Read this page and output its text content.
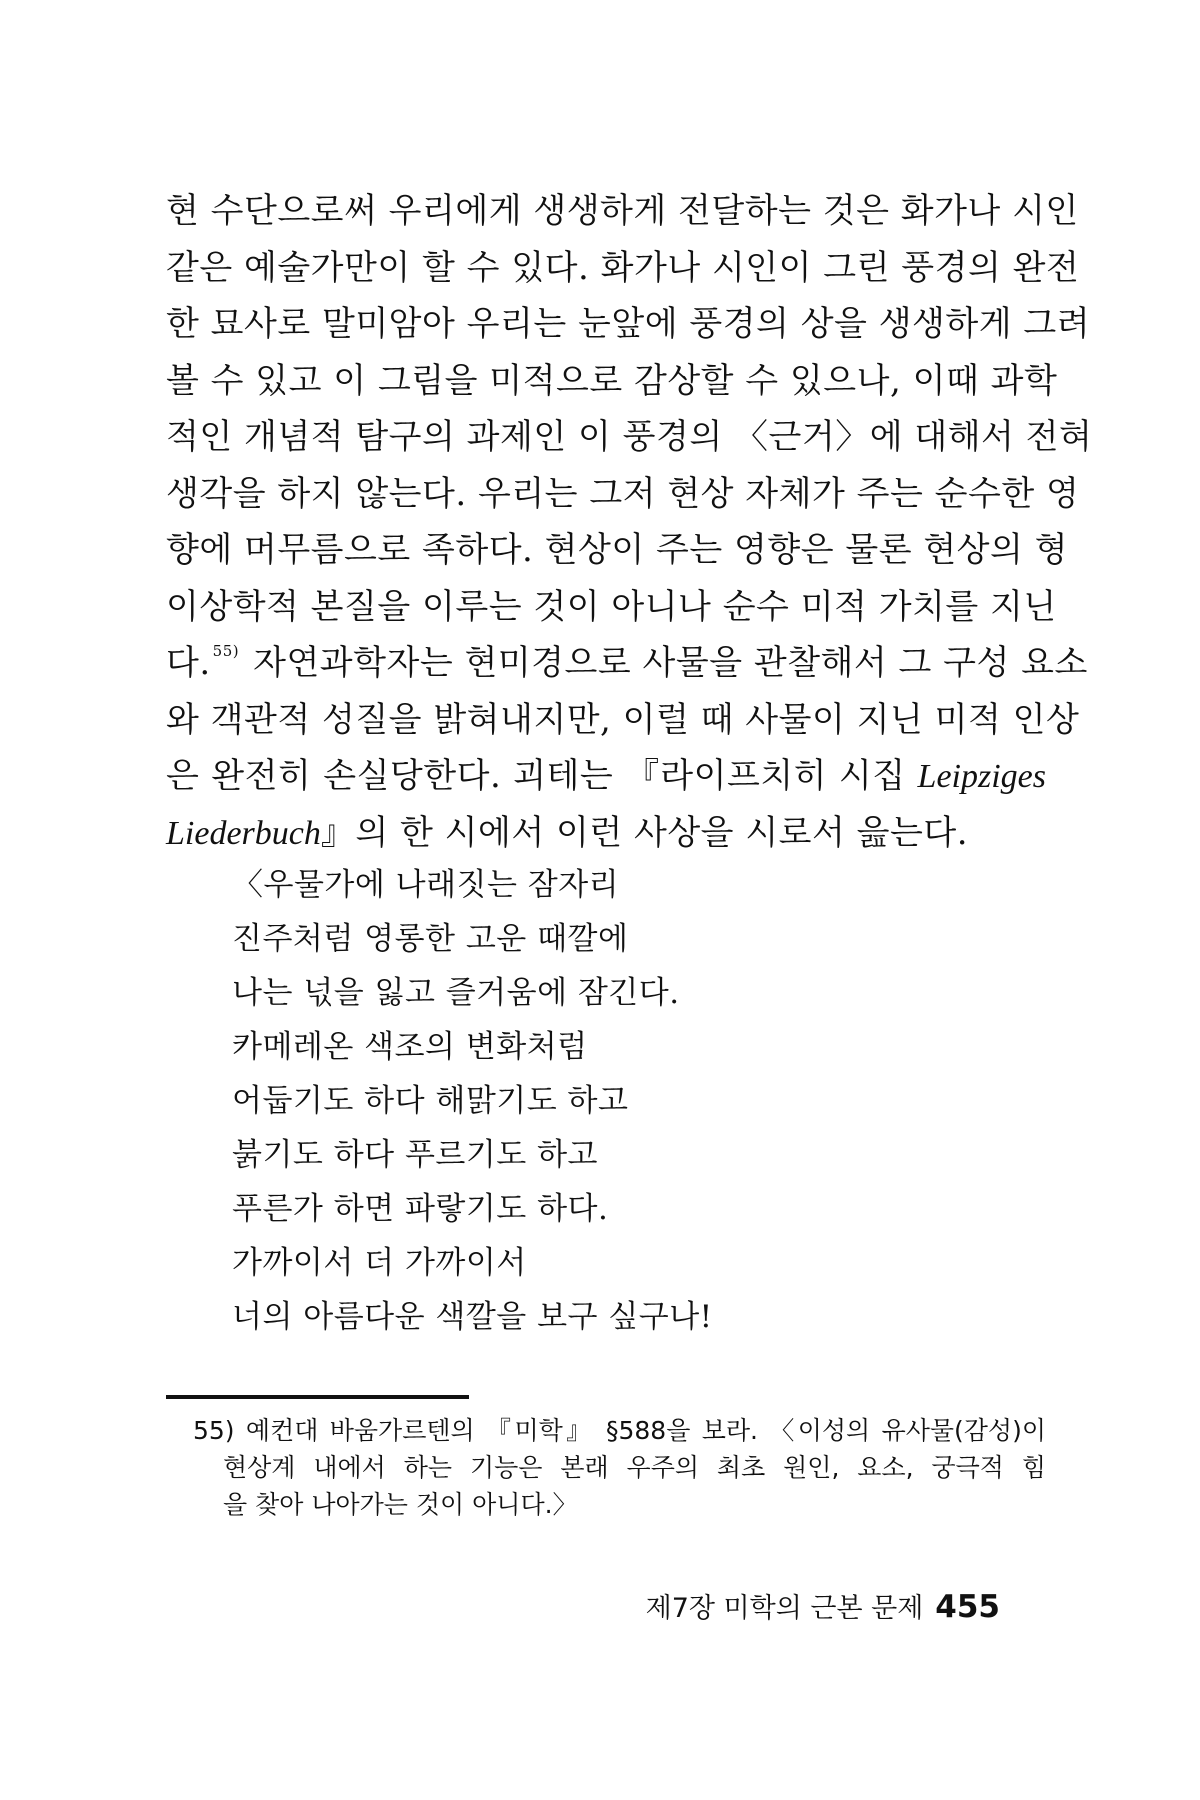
현 수단으로써 우리에게 생생하게 전달하는 것은 화가나 시인
같은 예술가만이 할 수 있다. 화가나 시인이 그린 풍경의 완전
한 묘사로 말미암아 우리는 눈앞에 풍경의 상을 생생하게 그려
볼 수 있고 이 그림을 미적으로 감상할 수 있으나, 이때 과학
적인 개념적 탐구의 과제인 이 풍경의 〈근거〉에 대해서 전혀
생각을 하지 않는다. 우리는 그저 현상 자체가 주는 순수한 영
향에 머무름으로 족하다. 현상이 주는 영향은 물론 현상의 형
이상학적 본질을 이루는 것이 아니나 순수 미적 가치를 지닌
다. $^{55)}$ 자연과학자는 현미경으로 사물을 관찰해서 그 구성 요소
와 객관적 성질을 밝혀내지만, 이럴 때 사물이 지닌 미적 인상
은 완전히 손실당한다. 괴테는 『라이프치히 시집 Leipziges
Liederbuch』의 한 시에서 이런 사상을 시로서 읊는다.
〈우물가에 나래짓는 잠자리
진주처럼 영롱한 고운 때깔에
나는 넋을 잃고 즐거움에 잠긴다.
카메레온 색조의 변화처럼
어둡기도 하다 해맑기도 하고
붉기도 하다 푸르기도 하고
푸른가 하면 파랗기도 하다.
가까이서 더 가까이서
너의 아름다운 색깔을 보구 싶구나!
55) 예컨대 바움가르텐의 『미학』 §588을 보라. 〈이성의 유사물(감성)이
현상계 내에서 하는 기능은 본래 우주의 최초 원인, 요소, 궁극적 힘
을 찾아 나아가는 것이 아니다.〉
제7장 미학의 근본 문제 455
